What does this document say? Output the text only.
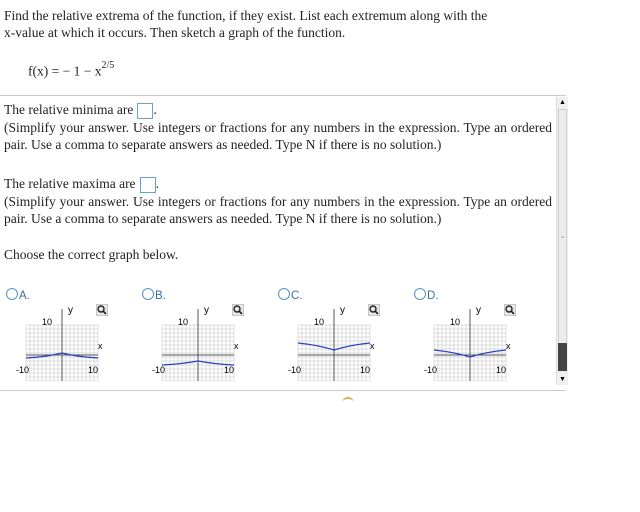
Find the relative extrema of the function, if they exist. List each extremum along with the
x-value at which it occurs. Then sketch a graph of the function.
f(x) = − $1 - x^{2/5}$
The relative minima are .
(Simplify your answer. Use integers or fractions for any numbers in the expression. Type an ordered pair. Use a comma to separate answers as needed. Type N if there is no solution.)
The relative maxima are .
(Simplify your answer. Use integers or fractions for any numbers in the expression. Type an ordered pair. Use a comma to separate answers as needed. Type N if there is no solution.)
Choose the correct graph below.
▲
≡
▼
A.	B.	C.	D.
y
10
x
-10	10
y
10
x
-10	10
y
10
x
-10	10
y
10
x
-10	10
